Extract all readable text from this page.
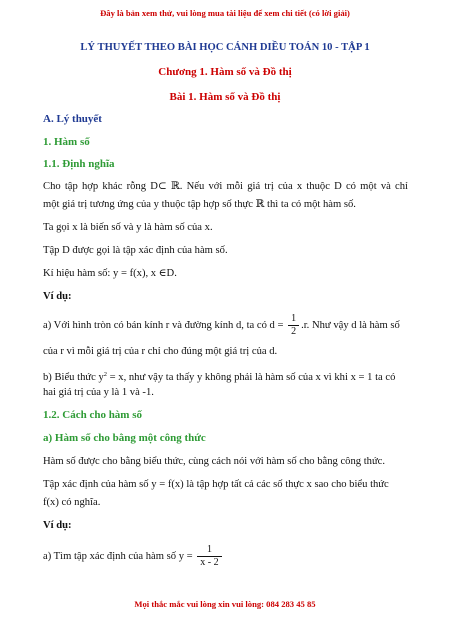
Đây là bản xem thử, vui lòng mua tài liệu để xem chi tiết (có lời giải)
LÝ THUYẾT THEO BÀI HỌC CÁNH DIỀU TOÁN 10 - TẬP 1
Chương 1. Hàm số và Đồ thị
Bài 1. Hàm số và Đồ thị
A. Lý thuyết
1. Hàm số
1.1. Định nghĩa
Cho tập hợp khác rỗng D⊂ ℝ. Nếu với mỗi giá trị của x thuộc D có một và chỉ
một giá trị tương ứng của y thuộc tập hợp số thực ℝ thì ta có một hàm số.
Ta gọi x là biến số và y là hàm số của x.
Tập D được gọi là tập xác định của hàm số.
Kí hiệu hàm số: y = f(x), x ∈D.
Ví dụ:
a) Với hình tròn có bán kính r và đường kính d, ta có $d = \frac{1}{2} .r$. Như vậy d là hàm số
của r vì mỗi giá trị của r chỉ cho đúng một giá trị của d.
b) Biểu thức $y^2 = x$, như vậy ta thấy y không phải là hàm số của x vì khi x = 1 ta có
hai giá trị của y là 1 và -1.
1.2. Cách cho hàm số
a) Hàm số cho bằng một công thức
Hàm số được cho bằng biểu thức, cùng cách nói với hàm số cho bằng công thức.
Tập xác định của hàm số y = f(x) là tập hợp tất cả các số thực x sao cho biểu thức
f(x) có nghĩa.
Ví dụ:
a) Tìm tập xác định của hàm số $y = \frac{1}{x - 2}$
Mọi thắc mắc vui lòng xin vui lòng: 084 283 45 85
